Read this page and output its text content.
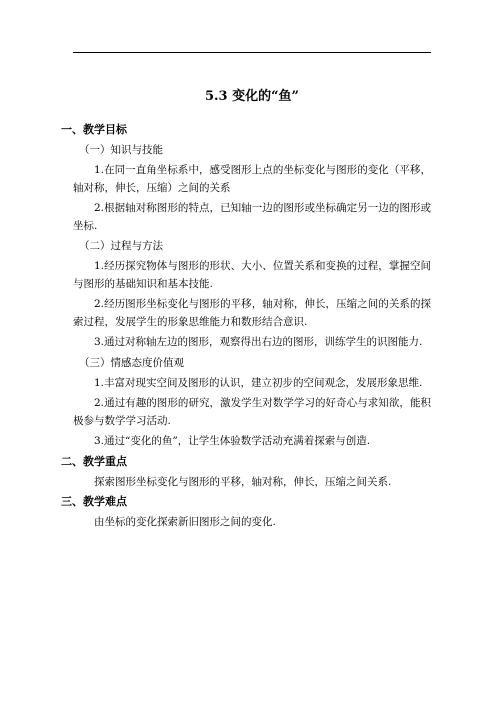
5.3 变化的“鱼”
一、教学目标
（一）知识与技能

1.在同一直角坐标系中，感受图形上点的坐标变化与图形的变化（平移，轴对称，伸长，压缩）之间的关系

2.根据轴对称图形的特点，已知轴一边的图形或坐标确定另一边的图形或坐标.

（二）过程与方法

1.经历探究物体与图形的形状、大小、位置关系和变换的过程，掌握空间与图形的基础知识和基本技能.

2.经历图形坐标变化与图形的平移，轴对称，伸长，压缩之间的关系的探索过程，发展学生的形象思维能力和数形结合意识.

3.通过对称轴左边的图形，观察得出右边的图形，训练学生的识图能力.

（三）情感态度价值观

1.丰富对现实空间及图形的认识，建立初步的空间观念，发展形象思维.

2.通过有趣的图形的研究，激发学生对数学学习的好奇心与求知欲，能积极参与数学学习活动.

3.通过“变化的鱼”，让学生体验数学活动充满着探索与创造.

二、教学重点

探索图形坐标变化与图形的平移，轴对称，伸长，压缩之间关系.

三、教学难点

由坐标的变化探索新旧图形之间的变化.
